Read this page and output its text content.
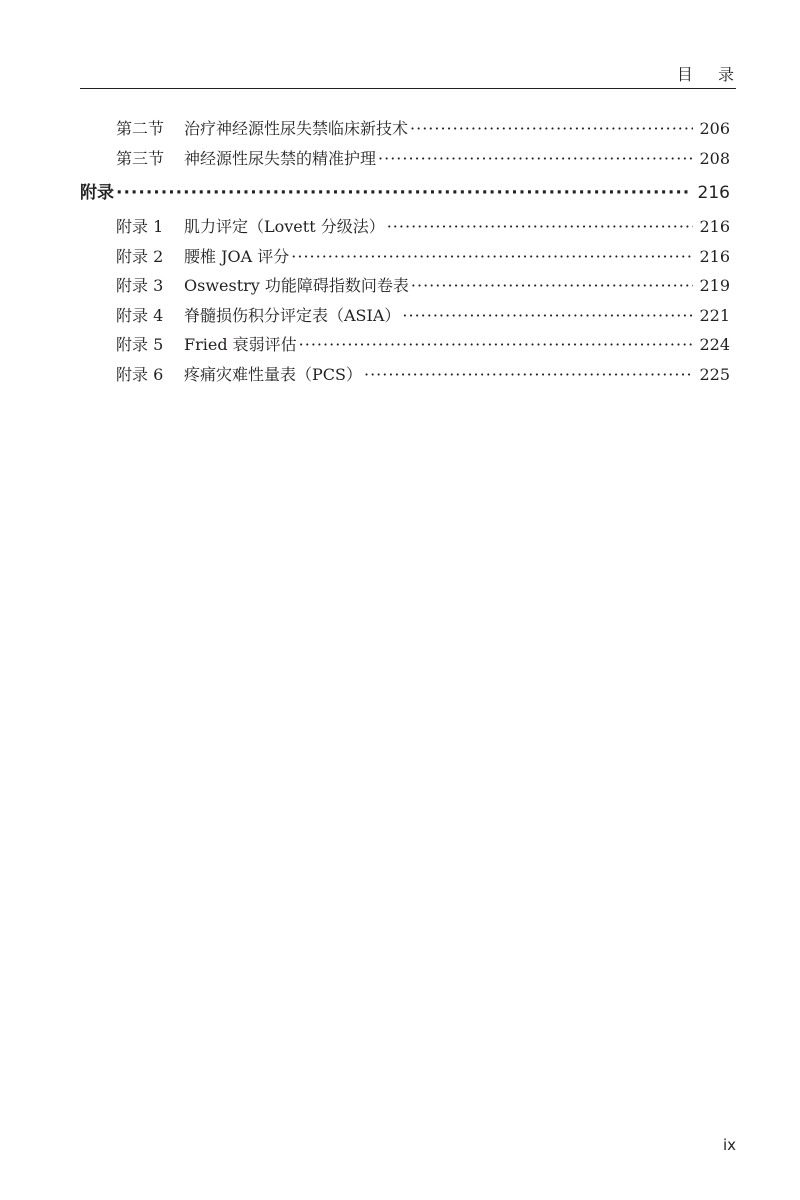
目 录
第二节	治疗神经源性尿失禁临床新技术 ·····	206
第三节	神经源性尿失禁的精准护理 ·····	208
附录 ·····	216
附录 1	肌力评定（Lovett 分级法） ·····	216
附录 2	腰椎 JOA 评分 ·····	216
附录 3	Oswestry 功能障碍指数问卷表 ·····	219
附录 4	脊髓损伤积分评定表（ASIA） ·····	221
附录 5	Fried 衰弱评估 ·····	224
附录 6	疼痛灾难性量表（PCS） ·····	225
ix
